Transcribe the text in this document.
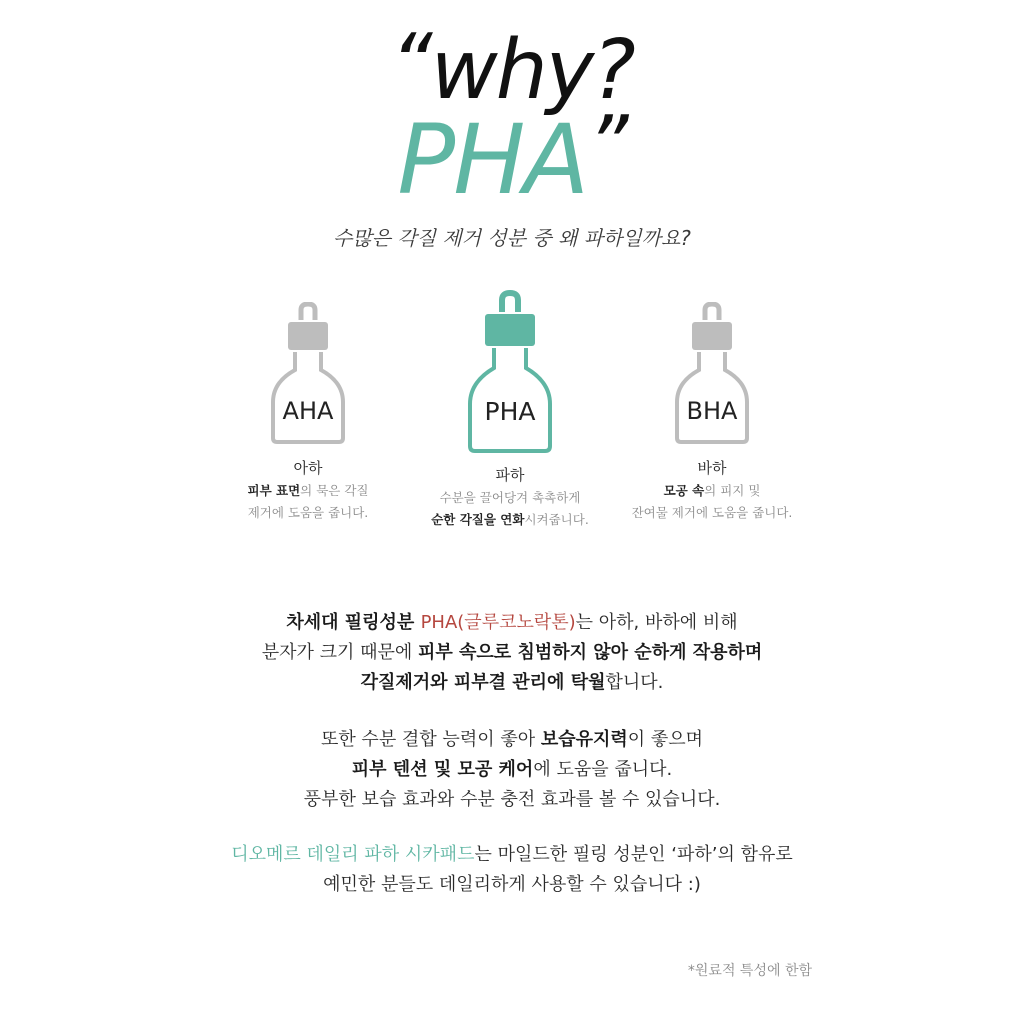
“why?
PHA”
수많은 각질 제거 성분 중 왜 파하일까요?
AHA
아하
피부 표면의 묵은 각질
제거에 도움을 줍니다.
PHA
파하
수분을 끌어당겨 촉촉하게
순한 각질을 연화시켜줍니다.
BHA
바하
모공 속의 피지 및
잔여물 제거에 도움을 줍니다.
차세대 필링성분 PHA(글루코노락톤)는 아하, 바하에 비해
분자가 크기 때문에 피부 속으로 침범하지 않아 순하게 작용하며
각질제거와 피부결 관리에 탁월합니다.
또한 수분 결합 능력이 좋아 보습유지력이 좋으며
피부 텐션 및 모공 케어에 도움을 줍니다.
풍부한 보습 효과와 수분 충전 효과를 볼 수 있습니다.
디오메르 데일리 파하 시카패드는 마일드한 필링 성분인 ‘파하’의 함유로
예민한 분들도 데일리하게 사용할 수 있습니다 :)
*원료적 특성에 한함
